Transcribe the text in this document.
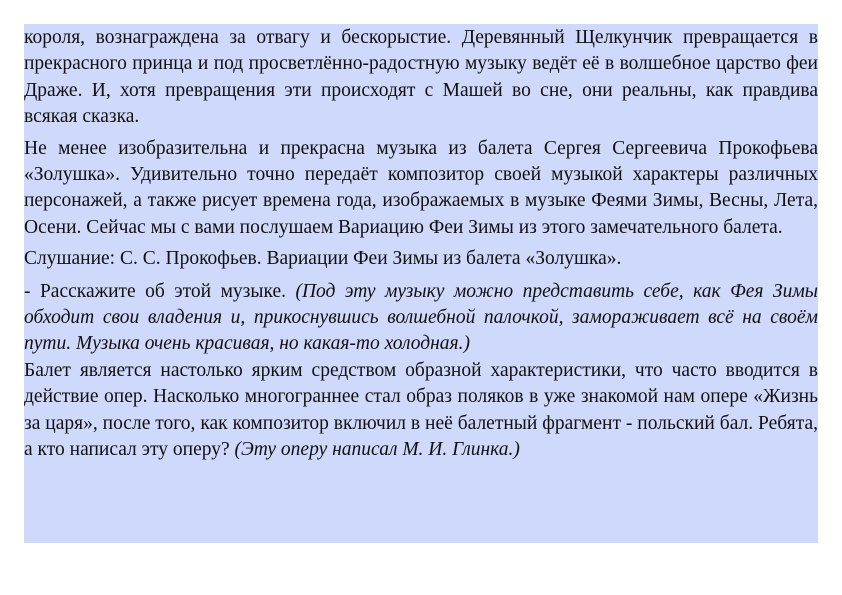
короля, вознаграждена за отвагу и бескорыстие. Деревянный Щелкунчик превращается в прекрасного принца и под просветлённо-радостную музыку ведёт её в волшебное царство феи Драже. И, хотя превращения эти происходят с Машей во сне, они реальны, как правдива всякая сказка.

Не менее изобразительна и прекрасна музыка из балета Сергея Сергеевича Прокофьева «Золушка». Удивительно точно передаёт композитор своей музыкой характеры различных персонажей, а также рисует времена года, изображаемых в музыке Феями Зимы, Весны, Лета, Осени. Сейчас мы с вами послушаем Вариацию Феи Зимы из этого замечательного балета.

Слушание: С. С. Прокофьев. Вариации Феи Зимы из балета «Золушка».

- Расскажите об этой музыке. (Под эту музыку можно представить себе, как Фея Зимы обходит свои владения и, прикоснувшись волшебной палочкой, замораживает всё на своём пути. Музыка очень красивая, но какая-то холодная.)

Балет является настолько ярким средством образной характеристики, что часто вводится в действие опер. Насколько многограннее стал образ поляков в уже знакомой нам опере «Жизнь за царя», после того, как композитор включил в неё балетный фрагмент - польский бал. Ребята, а кто написал эту оперу? (Эту оперу написал М. И. Глинка.)
